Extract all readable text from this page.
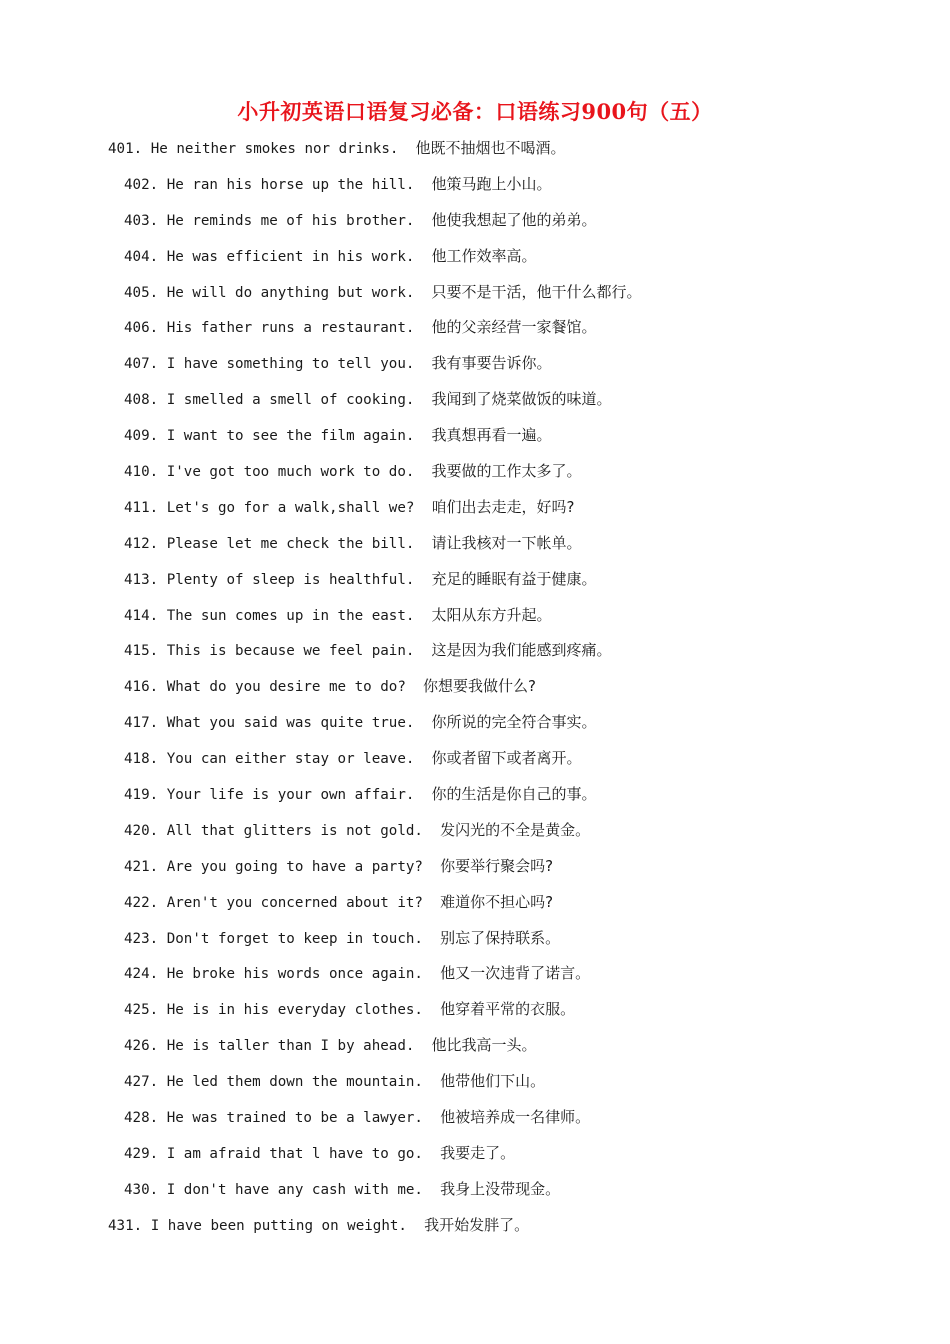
小升初英语口语复习必备：口语练习900句（五）
401. He neither smokes nor drinks. 他既不抽烟也不喝酒。
402. He ran his horse up the hill. 他策马跑上小山。
403. He reminds me of his brother. 他使我想起了他的弟弟。
404. He was efficient in his work. 他工作效率高。
405. He will do anything but work. 只要不是干活，他干什么都行。
406. His father runs a restaurant. 他的父亲经营一家餐馆。
407. I have something to tell you. 我有事要告诉你。
408. I smelled a smell of cooking. 我闻到了烧菜做饭的味道。
409. I want to see the film again. 我真想再看一遍。
410. I've got too much work to do. 我要做的工作太多了。
411. Let's go for a walk,shall we? 咱们出去走走，好吗?
412. Please let me check the bill. 请让我核对一下帐单。
413. Plenty of sleep is healthful. 充足的睡眠有益于健康。
414. The sun comes up in the east. 太阳从东方升起。
415. This is because we feel pain. 这是因为我们能感到疼痛。
416. What do you desire me to do? 你想要我做什么?
417. What you said was quite true. 你所说的完全符合事实。
418. You can either stay or leave. 你或者留下或者离开。
419. Your life is your own affair. 你的生活是你自己的事。
420. All that glitters is not gold. 发闪光的不全是黄金。
421. Are you going to have a party? 你要举行聚会吗?
422. Aren't you concerned about it? 难道你不担心吗?
423. Don't forget to keep in touch. 别忘了保持联系。
424. He broke his words once again. 他又一次违背了诺言。
425. He is in his everyday clothes. 他穿着平常的衣服。
426. He is taller than I by ahead. 他比我高一头。
427. He led them down the mountain. 他带他们下山。
428. He was trained to be a lawyer. 他被培养成一名律师。
429. I am afraid that l have to go. 我要走了。
430. I don't have any cash with me. 我身上没带现金。
431. I have been putting on weight. 我开始发胖了。
